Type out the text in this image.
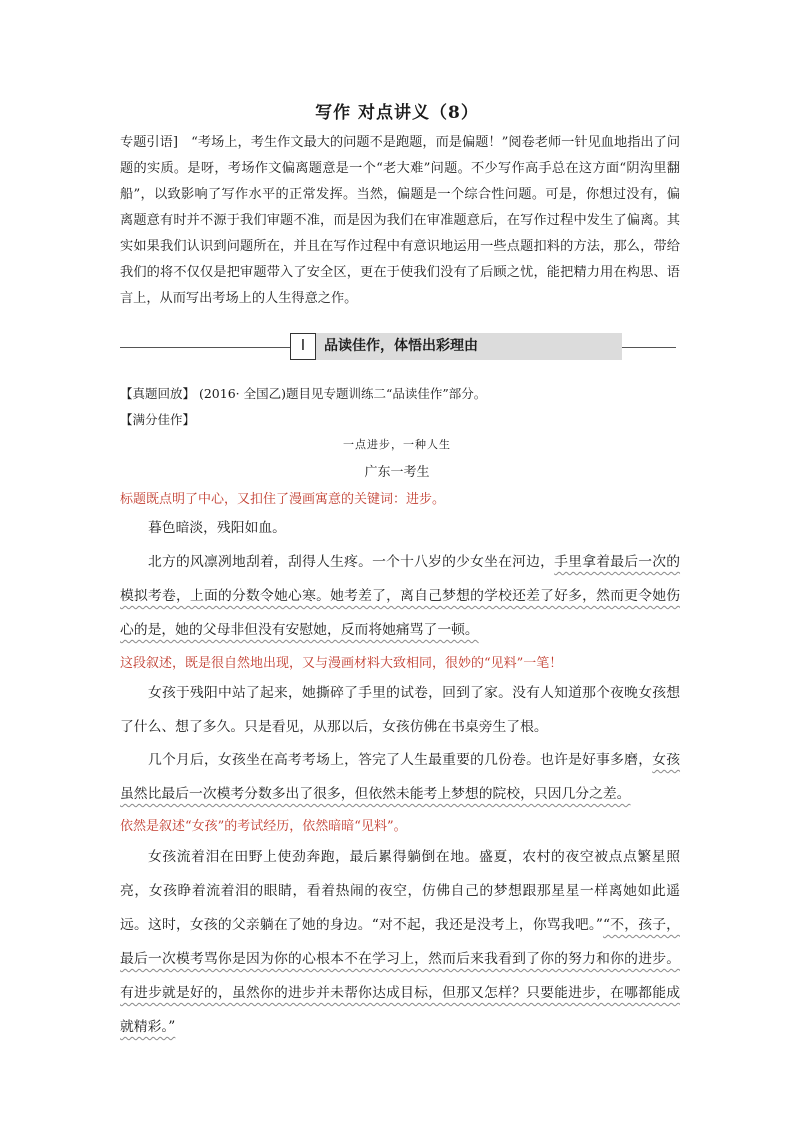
写作 对点讲义（8）
专题引语]　“考场上，考生作文最大的问题不是跑题，而是偏题！”阅卷老师一针见血地指出了问题的实质。是呀，考场作文偏离题意是一个“老大难”问题。不少写作高手总在这方面“阴沟里翻船”，以致影响了写作水平的正常发挥。当然，偏题是一个综合性问题。可是，你想过没有，偏离题意有时并不源于我们审题不准，而是因为我们在审准题意后，在写作过程中发生了偏离。其实如果我们认识到问题所在，并且在写作过程中有意识地运用一些点题扣料的方法，那么，带给我们的将不仅仅是把审题带入了安全区，更在于使我们没有了后顾之忧，能把精力用在构思、语言上，从而写出考场上的人生得意之作。
Ⅰ	品读佳作，体悟出彩理由
【真题回放】 (2016· 全国乙)题目见专题训练二“品读佳作”部分。
【满分佳作】
一点进步，一种人生
广东一考生
标题既点明了中心，又扣住了漫画寓意的关键词：进步。
暮色暗淡，残阳如血。
北方的风凛冽地刮着，刮得人生疼。一个十八岁的少女坐在河边，手里拿着最后一次的模拟考卷，上面的分数令她心寒。她考差了，离自己梦想的学校还差了好多，然而更令她伤心的是，她的父母非但没有安慰她，反而将她痛骂了一顿。
这段叙述，既是很自然地出现，又与漫画材料大致相同，很妙的“见料”一笔！
女孩于残阳中站了起来，她撕碎了手里的试卷，回到了家。没有人知道那个夜晚女孩想了什么、想了多久。只是看见，从那以后，女孩仿佛在书桌旁生了根。
几个月后，女孩坐在高考考场上，答完了人生最重要的几份卷。也许是好事多磨，女孩虽然比最后一次模考分数多出了很多，但依然未能考上梦想的院校，只因几分之差。
依然是叙述“女孩”的考试经历，依然暗暗“见料”。
女孩流着泪在田野上使劲奔跑，最后累得躺倒在地。盛夏，农村的夜空被点点繁星照亮，女孩睁着流着泪的眼睛，看着热闹的夜空，仿佛自己的梦想跟那星星一样离她如此遥远。这时，女孩的父亲躺在了她的身边。“对不起，我还是没考上，你骂我吧。”“不，孩子，最后一次模考骂你是因为你的心根本不在学习上，然而后来我看到了你的努力和你的进步。有进步就是好的，虽然你的进步并未帮你达成目标，但那又怎样？只要能进步，在哪都能成就精彩。”
